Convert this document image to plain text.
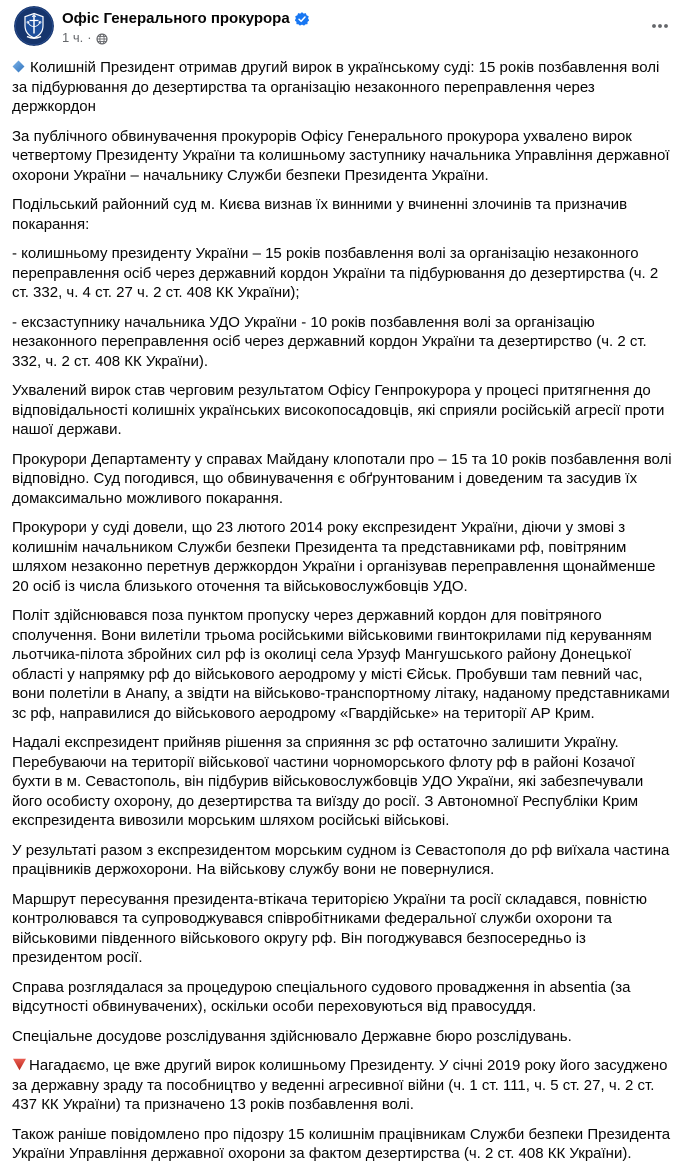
Офіс Генерального прокурора
1 ч. ·

Колишній Президент отримав другий вирок в українському суді: 15 років позбавлення волі за підбурювання до дезертирства та організацію незаконного переправлення через держкордон

За публічного обвинувачення прокурорів Офісу Генерального прокурора ухвалено вирок четвертому Президенту України та колишньому заступнику начальника Управління державної охорони України – начальнику Служби безпеки Президента України.

Подільський районний суд м. Києва визнав їх винними у вчиненні злочинів та призначив покарання:

- колишньому президенту України – 15 років позбавлення волі за організацію незаконного переправлення осіб через державний кордон України та підбурювання до дезертирства (ч. 2 ст. 332, ч. 4 ст. 27 ч. 2 ст. 408 КК України);

- ексзаступнику начальника УДО України - 10 років позбавлення волі за організацію незаконного переправлення осіб через державний кордон України та дезертирство (ч. 2 ст. 332, ч. 2 ст. 408 КК України).

Ухвалений вирок став черговим результатом Офісу Генпрокурора у процесі притягнення до відповідальності колишніх українських високопосадовців, які сприяли російській агресії проти нашої держави.

Прокурори Департаменту у справах Майдану клопотали про – 15 та 10 років позбавлення волі відповідно. Суд погодився, що обвинувачення є обґрунтованим і доведеним та засудив їх домаксимально можливого покарання.

Прокурори у суді довели, що 23 лютого 2014 року експрезидент України, діючи у змові з колишнім начальником Служби безпеки Президента та представниками рф, повітряним шляхом незаконно перетнув держкордон України і організував переправлення щонайменше 20 осіб із числа близького оточення та військовослужбовців УДО.

Політ здійснювався поза пунктом пропуску через державний кордон для повітряного сполучення. Вони вилетіли трьома російськими військовими гвинтокрилами під керуванням льотчика-пілота збройних сил рф із околиці села Урзуф Мангушського району Донецької області у напрямку рф до військового аеродрому у місті Єйськ. Пробувши там певний час, вони полетіли в Анапу, а звідти на військово-транспортному літаку, наданому представниками зс рф, направилися до військового аеродрому «Гвардійське» на території АР Крим.

Надалі експрезидент прийняв рішення за сприяння зс рф остаточно залишити Україну. Перебуваючи на території військової частини чорноморського флоту рф в районі Козачої бухти в м. Севастополь, він підбурив військовослужбовців УДО України, які забезпечували його особисту охорону, до дезертирства та виїзду до росії. З Автономної Республіки Крим експрезидента вивозили морським шляхом російські військові.

У результаті разом з експрезидентом морським судном із Севастополя до рф виїхала частина працівників держохорони. На військову службу вони не повернулися.

Маршрут пересування президента-втікача територією України та росії складався, повністю контролювався та супроводжувався співробітниками федеральної служби охорони та військовими південного військового округу рф. Він погоджувався безпосередньо із президентом росії.

Справа розглядалася за процедурою спеціального судового провадження in absentia (за відсутності обвинувачених), оскільки особи переховуються від правосуддя.

Спеціальне досудове розслідування здійснювало Державне бюро розслідувань.

Нагадаємо, це вже другий вирок колишньому Президенту. У січні 2019 року його засуджено за державну зраду та пособництво у веденні агресивної війни (ч. 1 ст. 111, ч. 5 ст. 27, ч. 2 ст. 437 КК України) та призначено 13 років позбавлення волі.

Також раніше повідомлено про підозру 15 колишнім працівникам Служби безпеки Президента України Управління державної охорони за фактом дезертирства (ч. 2 ст. 408 КК України).
